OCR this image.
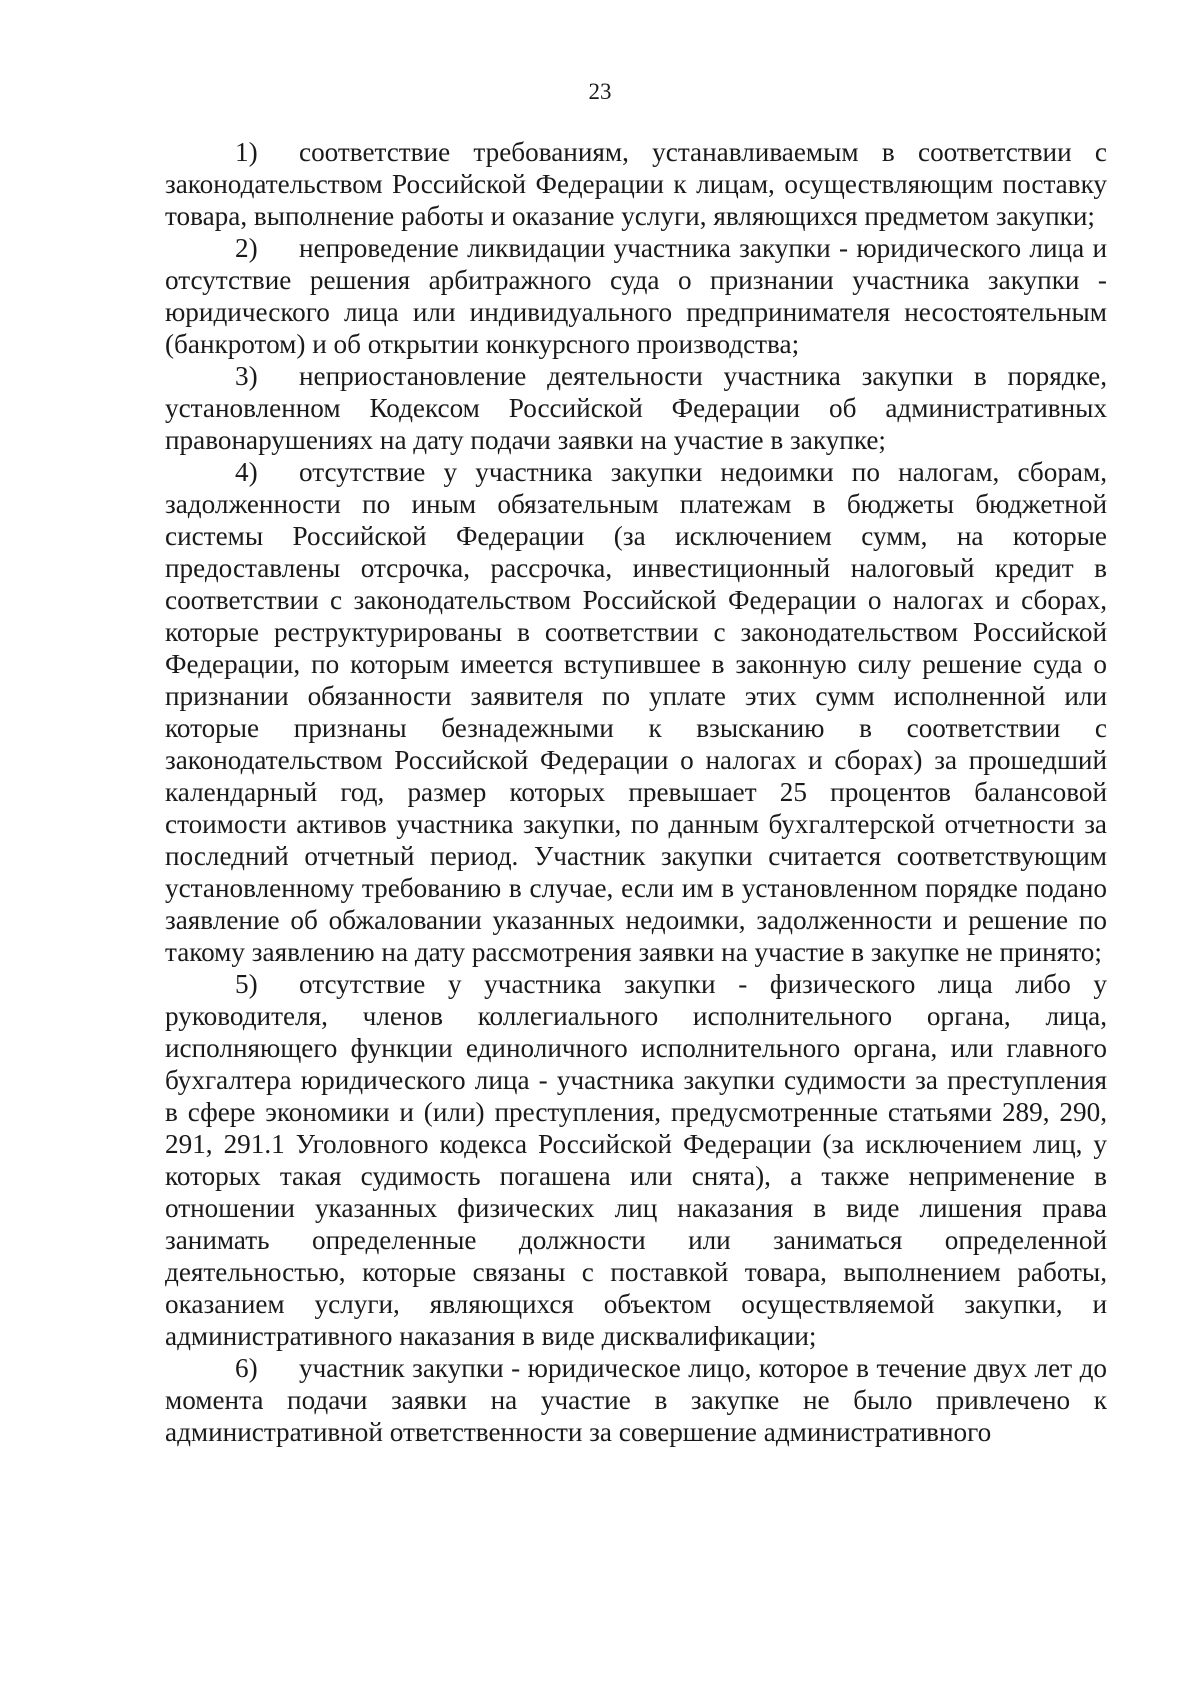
23

1) соответствие требованиям, устанавливаемым в соответствии с законодательством Российской Федерации к лицам, осуществляющим поставку товара, выполнение работы и оказание услуги, являющихся предметом закупки;

2) непроведение ликвидации участника закупки - юридического лица и отсутствие решения арбитражного суда о признании участника закупки - юридического лица или индивидуального предпринимателя несостоятельным (банкротом) и об открытии конкурсного производства;

3) неприостановление деятельности участника закупки в порядке, установленном Кодексом Российской Федерации об административных правонарушениях на дату подачи заявки на участие в закупке;

4) отсутствие у участника закупки недоимки по налогам, сборам, задолженности по иным обязательным платежам в бюджеты бюджетной системы Российской Федерации (за исключением сумм, на которые предоставлены отсрочка, рассрочка, инвестиционный налоговый кредит в соответствии с законодательством Российской Федерации о налогах и сборах, которые реструктурированы в соответствии с законодательством Российской Федерации, по которым имеется вступившее в законную силу решение суда о признании обязанности заявителя по уплате этих сумм исполненной или которые признаны безнадежными к взысканию в соответствии с законодательством Российской Федерации о налогах и сборах) за прошедший календарный год, размер которых превышает 25 процентов балансовой стоимости активов участника закупки, по данным бухгалтерской отчетности за последний отчетный период. Участник закупки считается соответствующим установленному требованию в случае, если им в установленном порядке подано заявление об обжаловании указанных недоимки, задолженности и решение по такому заявлению на дату рассмотрения заявки на участие в закупке не принято;

5) отсутствие у участника закупки - физического лица либо у руководителя, членов коллегиального исполнительного органа, лица, исполняющего функции единоличного исполнительного органа, или главного бухгалтера юридического лица - участника закупки судимости за преступления в сфере экономики и (или) преступления, предусмотренные статьями 289, 290, 291, 291.1 Уголовного кодекса Российской Федерации (за исключением лиц, у которых такая судимость погашена или снята), а также неприменение в отношении указанных физических лиц наказания в виде лишения права занимать определенные должности или заниматься определенной деятельностью, которые связаны с поставкой товара, выполнением работы, оказанием услуги, являющихся объектом осуществляемой закупки, и административного наказания в виде дисквалификации;

6) участник закупки - юридическое лицо, которое в течение двух лет до момента подачи заявки на участие в закупке не было привлечено к административной ответственности за совершение административного
